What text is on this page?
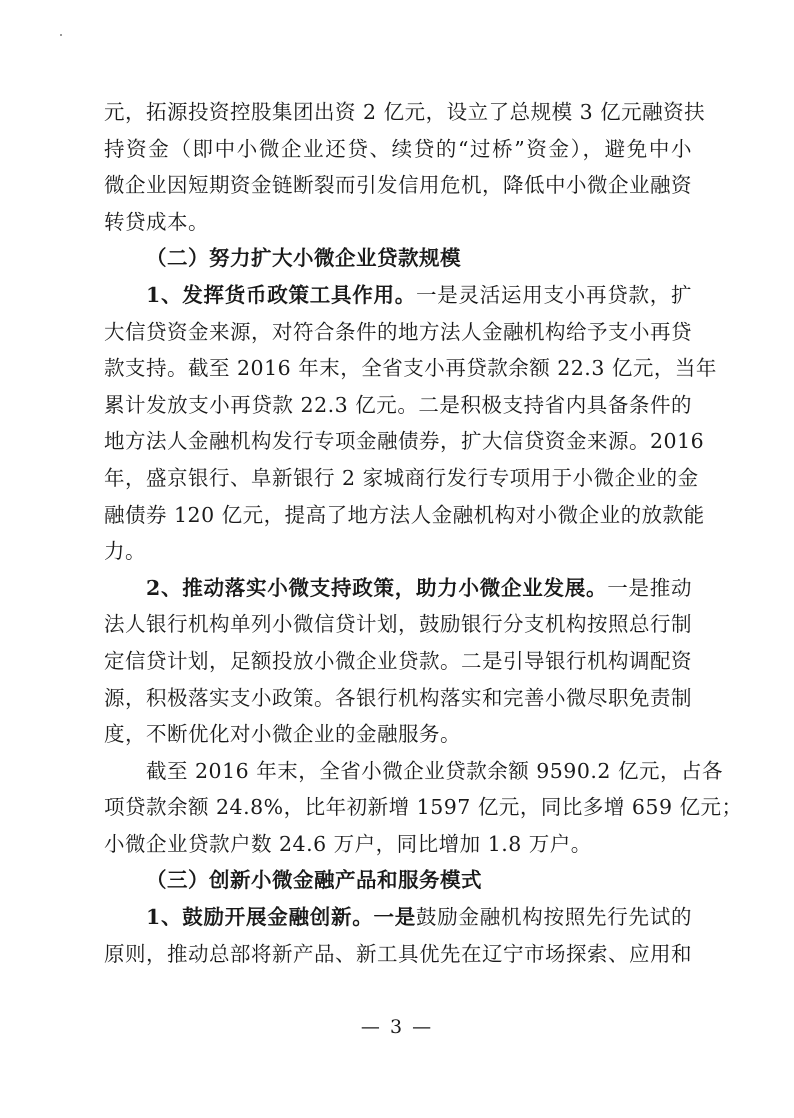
元，拓源投资控股集团出资 2 亿元，设立了总规模 3 亿元融资扶
持资金（即中小微企业还贷、续贷的“过桥”资金），避免中小
微企业因短期资金链断裂而引发信用危机，降低中小微企业融资
转贷成本。
（二）努力扩大小微企业贷款规模
1、发挥货币政策工具作用。一是灵活运用支小再贷款，扩
大信贷资金来源，对符合条件的地方法人金融机构给予支小再贷
款支持。截至 2016 年末，全省支小再贷款余额 22.3 亿元，当年
累计发放支小再贷款 22.3 亿元。二是积极支持省内具备条件的
地方法人金融机构发行专项金融债券，扩大信贷资金来源。2016
年，盛京银行、阜新银行 2 家城商行发行专项用于小微企业的金
融债券 120 亿元，提高了地方法人金融机构对小微企业的放款能
力。
2、推动落实小微支持政策，助力小微企业发展。一是推动
法人银行机构单列小微信贷计划，鼓励银行分支机构按照总行制
定信贷计划，足额投放小微企业贷款。二是引导银行机构调配资
源，积极落实支小政策。各银行机构落实和完善小微尽职免责制
度，不断优化对小微企业的金融服务。
截至 2016 年末，全省小微企业贷款余额 9590.2 亿元，占各
项贷款余额 24.8%，比年初新增 1597 亿元，同比多增 659 亿元；
小微企业贷款户数 24.6 万户，同比增加 1.8 万户。
（三）创新小微金融产品和服务模式
1、鼓励开展金融创新。一是鼓励金融机构按照先行先试的
原则，推动总部将新产品、新工具优先在辽宁市场探索、应用和
— 3 —
